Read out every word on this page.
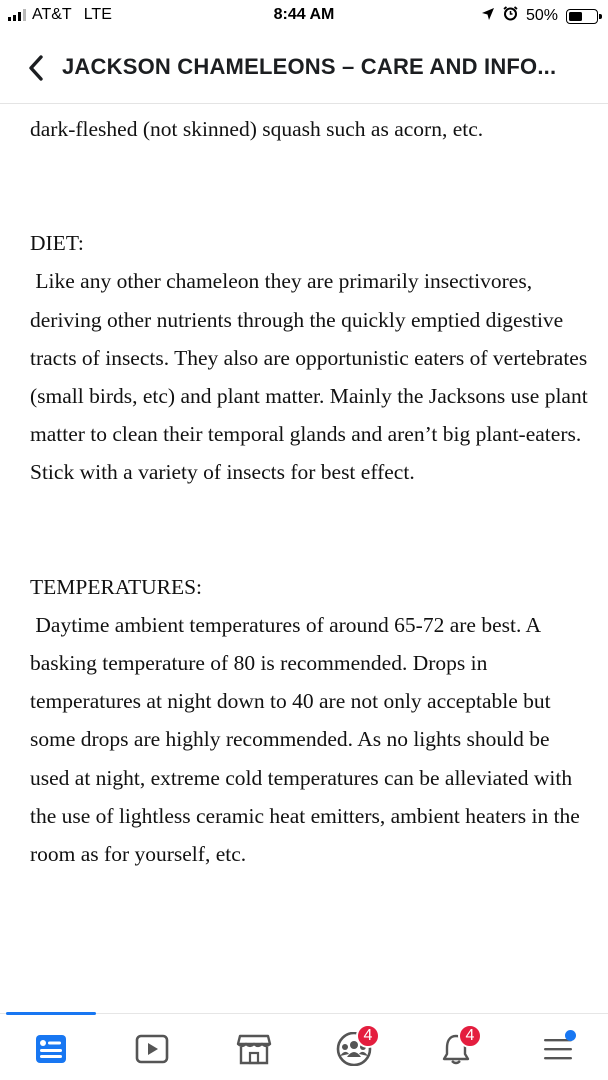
AT&T LTE	8:44 AM	50%
JACKSON CHAMELEONS – CARE AND INFO...

dark-fleshed (not skinned) squash such as acorn, etc.

DIET:

Like any other chameleon they are primarily insectivores, deriving other nutrients through the quickly emptied digestive tracts of insects. They also are opportunistic eaters of vertebrates (small birds, etc) and plant matter. Mainly the Jacksons use plant matter to clean their temporal glands and aren’t big plant-eaters. Stick with a variety of insects for best effect.

TEMPERATURES:

Daytime ambient temperatures of around 65-72 are best. A basking temperature of 80 is recommended. Drops in temperatures at night down to 40 are not only acceptable but some drops are highly recommended. As no lights should be used at night, extreme cold temperatures can be alleviated with the use of lightless ceramic heat emitters, ambient heaters in the room as for yourself, etc.

4	4
